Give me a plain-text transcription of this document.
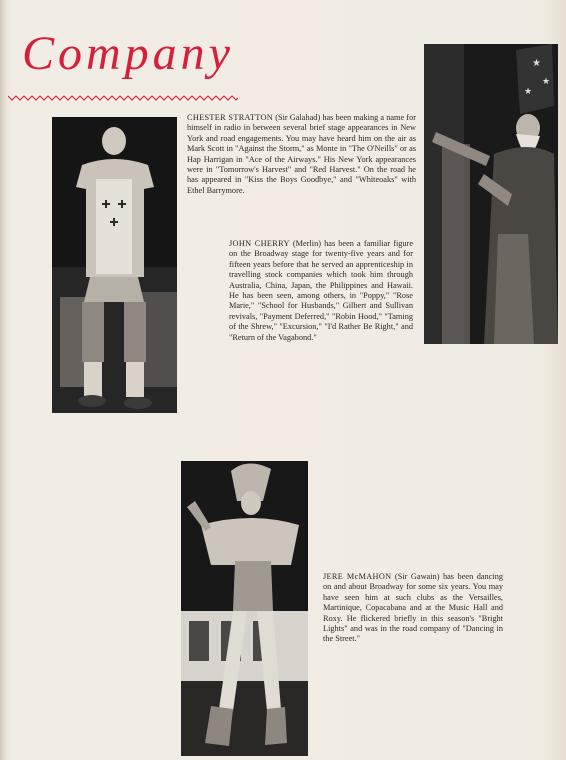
Company	★
★
★

CHESTER STRATTON (Sir Galahad) has been making a name for himself in radio in between several brief stage appearances in New York and road engagements. You may have heard him on the air as Mark Scott in "Against the Storm," as Monte in "The O'Neills" or as Hap Harrigan in "Ace of the Airways." His New York appearances were in "Tomorrow's Harvest" and "Red Harvest." On the road he has appeared in "Kiss the Boys Goodbye," and "Whiteoaks" with Ethel Barrymore.

JOHN CHERRY (Merlin) has been a familiar figure on the Broadway stage for twenty-five years and for fifteen years before that he served an apprenticeship in travelling stock companies which took him through Australia, China, Japan, the Philippines and Hawaii. He has been seen, among others, in "Poppy," "Rose Marie," "School for Husbands," Gilbert and Sullivan revivals, "Payment Deferred," "Robin Hood," "Taming of the Shrew," "Excursion," "I'd Rather Be Right," and "Return of the Vagabond."

JERE McMAHON (Sir Gawain) has been dancing on and about Broadway for some six years. You may have seen him at such clubs as the Versailles, Martinique, Copacabana and at the Music Hall and Roxy. He flickered briefly in this season's "Bright Lights" and was in the road company of "Dancing in the Street."
